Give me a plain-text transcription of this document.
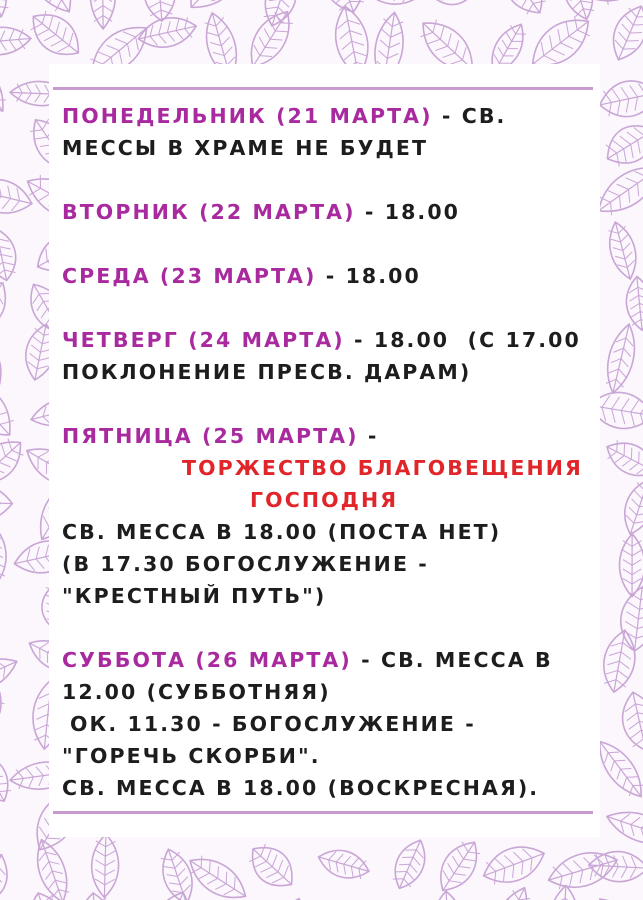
ПОНЕДЕЛЬНИК (21 МАРТА) - СВ.
МЕССЫ В ХРАМЕ НЕ БУДЕТ
ВТОРНИК (22 МАРТА) - 18.00
СРЕДА (23 МАРТА) - 18.00
ЧЕТВЕРГ (24 МАРТА) - 18.00  (С 17.00
ПОКЛОНЕНИЕ ПРЕСВ. ДАРАМ)
ПЯТНИЦА (25 МАРТА) -
ТОРЖЕСТВО БЛАГОВЕЩЕНИЯ
ГОСПОДНЯ
СВ. МЕССА В 18.00 (ПОСТА НЕТ)
(В 17.30 БОГОСЛУЖЕНИЕ -
"КРЕСТНЫЙ ПУТЬ")
СУББОТА (26 МАРТА) - СВ. МЕССА В
12.00 (СУББОТНЯЯ)
ОК. 11.30 - БОГОСЛУЖЕНИЕ -
"ГОРЕЧЬ СКОРБИ".
СВ. МЕССА В 18.00 (ВОСКРЕСНАЯ).
